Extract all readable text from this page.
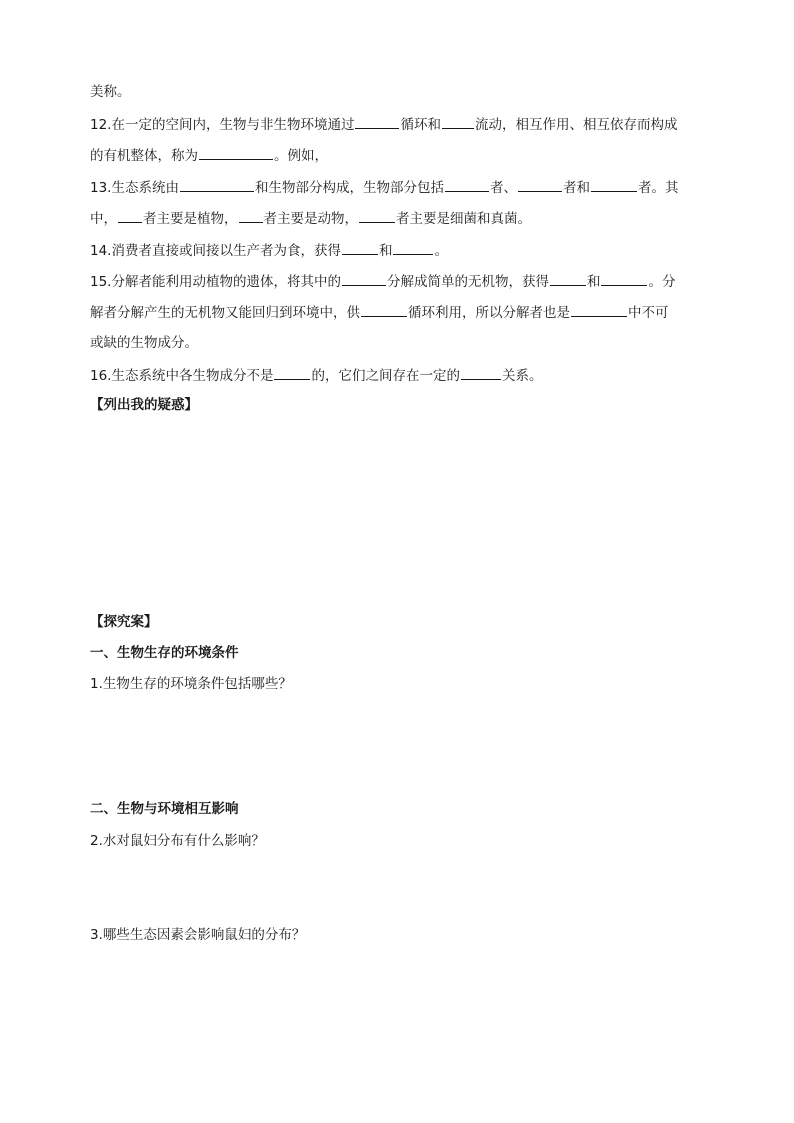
美称。
12.在一定的空间内，生物与非生物环境通过	循环和	流动，相互作用、相互依存而构成
的有机整体，称为	。例如，
13.生态系统由	和生物部分构成，生物部分包括	者、	者和	者。其
中， 者主要是植物， 者主要是动物，	者主要是细菌和真菌。
14.消费者直接或间接以生产者为食，获得	和	。
15.分解者能利用动植物的遗体，将其中的	分解成简单的无机物，获得	和	。分
解者分解产生的无机物又能回归到环境中，供	循环利用，所以分解者也是	中不可
或缺的生物成分。
16.生态系统中各生物成分不是	的，它们之间存在一定的	关系。
【列出我的疑惑】
【探究案】
一、生物生存的环境条件
1.生物生存的环境条件包括哪些？
二、生物与环境相互影响
2.水对鼠妇分布有什么影响？
3.哪些生态因素会影响鼠妇的分布？
